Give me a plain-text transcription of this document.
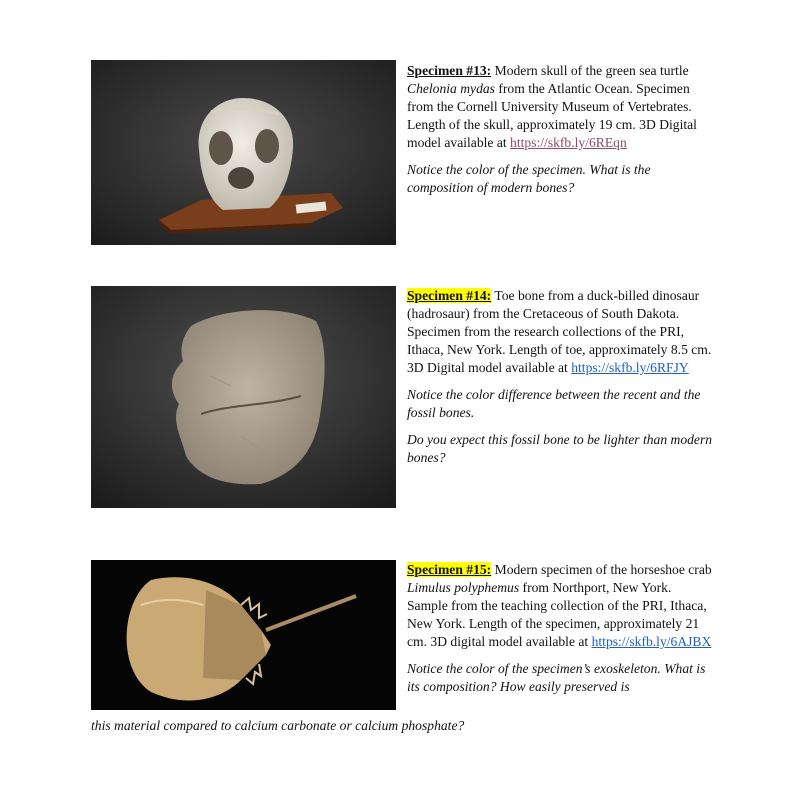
Specimen #13: Modern skull of the green sea turtle Chelonia mydas from the Atlantic Ocean. Specimen from the Cornell University Museum of Vertebrates. Length of the skull, approximately 19 cm. 3D Digital model available at https://skfb.ly/6REqn

Notice the color of the specimen. What is the composition of modern bones?

Specimen #14: Toe bone from a duck-billed dinosaur (hadrosaur) from the Cretaceous of South Dakota. Specimen from the research collections of the PRI, Ithaca, New York. Length of toe, approximately 8.5 cm. 3D Digital model available at https://skfb.ly/6RFJY

Notice the color difference between the recent and the fossil bones.

Do you expect this fossil bone to be lighter than modern bones?

Specimen #15: Modern specimen of the horseshoe crab Limulus polyphemus from Northport, New York. Sample from the teaching collection of the PRI, Ithaca, New York. Length of the specimen, approximately 21 cm. 3D digital model available at https://skfb.ly/6AJBX

Notice the color of the specimen’s exoskeleton. What is its composition? How easily preserved is

this material compared to calcium carbonate or calcium phosphate?
